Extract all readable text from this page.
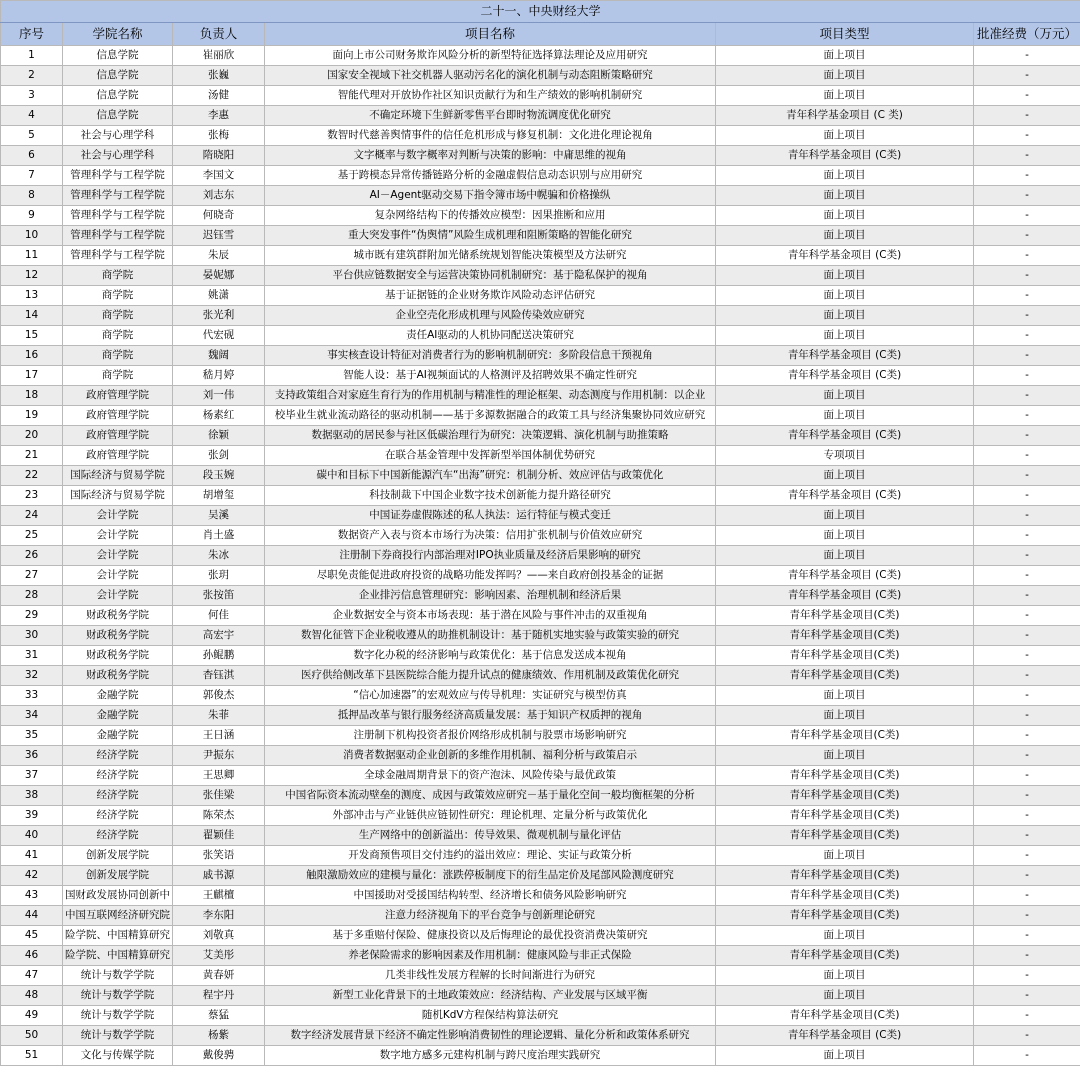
二十一、中央财经大学					
序号	学院名称	负责人	项目名称	项目类型	批准经费（万元）
1	信息学院	崔丽欣	面向上市公司财务欺诈风险分析的新型特征选择算法理论及应用研究	面上项目	-
2	信息学院	张巍	国家安全视域下社交机器人驱动污名化的演化机制与动态阻断策略研究	面上项目	-
3	信息学院	汤健	智能代理对开放协作社区知识贡献行为和生产绩效的影响机制研究	面上项目	-
4	信息学院	李惠	不确定环境下生鲜新零售平台即时物流调度优化研究	青年科学基金项目 (C 类)	-
5	社会与心理学科	张梅	数智时代慈善舆情事件的信任危机形成与修复机制：文化进化理论视角	面上项目	-
6	社会与心理学科	隋晓阳	文字概率与数字概率对判断与决策的影响：中庸思维的视角	青年科学基金项目 (C类)	-
7	管理科学与工程学院	李国文	基于跨模态异常传播链路分析的金融虚假信息动态识别与应用研究	面上项目	-
8	管理科学与工程学院	刘志东	AI－Agent驱动交易下指令簿市场中幌骗和价格操纵	面上项目	-
9	管理科学与工程学院	何晓奇	复杂网络结构下的传播效应模型：因果推断和应用	面上项目	-
10	管理科学与工程学院	迟钰雪	重大突发事件“伪舆情”风险生成机理和阻断策略的智能化研究	面上项目	-
11	管理科学与工程学院	朱辰	城市既有建筑群附加光储系统规划智能决策模型及方法研究	青年科学基金项目 (C类)	-
12	商学院	晏妮娜	平台供应链数据安全与运营决策协同机制研究：基于隐私保护的视角	面上项目	-
13	商学院	姚潇	基于证据链的企业财务欺诈风险动态评估研究	面上项目	-
14	商学院	张光利	企业空壳化形成机理与风险传染效应研究	面上项目	-
15	商学院	代宏砚	责任AI驱动的人机协同配送决策研究	面上项目	-
16	商学院	魏阔	事实核查设计特征对消费者行为的影响机制研究：多阶段信息干预视角	青年科学基金项目 (C类)	-
17	商学院	嵇月婷	智能人设：基于AI视频面试的人格测评及招聘效果不确定性研究	青年科学基金项目 (C类)	-
18	政府管理学院	刘一伟	支持政策组合对家庭生育行为的作用机制与精准性的理论框架、动态测度与作用机制：以企业	面上项目	-
19	政府管理学院	杨素红	校毕业生就业流动路径的驱动机制——基于多源数据融合的政策工具与经济集聚协同效应研究	面上项目	-
20	政府管理学院	徐颖	数据驱动的居民参与社区低碳治理行为研究：决策逻辑、演化机制与助推策略	青年科学基金项目 (C类)	-
21	政府管理学院	张剑	在联合基金管理中发挥新型举国体制优势研究	专项项目	-
22	国际经济与贸易学院	段玉婉	碳中和目标下中国新能源汽车“出海”研究：机制分析、效应评估与政策优化	面上项目	-
23	国际经济与贸易学院	胡增玺	科技制裁下中国企业数字技术创新能力提升路径研究	青年科学基金项目 (C类)	-
24	会计学院	吴溪	中国证券虚假陈述的私人执法：运行特征与模式变迁	面上项目	-
25	会计学院	肖土盛	数据资产入表与资本市场行为决策：信用扩张机制与价值效应研究	面上项目	-
26	会计学院	朱冰	注册制下券商投行内部治理对IPO执业质量及经济后果影响的研究	面上项目	-
27	会计学院	张玥	尽职免责能促进政府投资的战略功能发挥吗？——来自政府创投基金的证据	青年科学基金项目 (C类)	-
28	会计学院	张按笛	企业排污信息管理研究：影响因素、治理机制和经济后果	青年科学基金项目 (C类)	-
29	财政税务学院	何佳	企业数据安全与资本市场表现：基于潜在风险与事件冲击的双重视角	青年科学基金项目(C类)	-
30	财政税务学院	高宏宇	数智化征管下企业税收遵从的助推机制设计：基于随机实地实验与政策实验的研究	青年科学基金项目(C类)	-
31	财政税务学院	孙鲲鹏	数字化办税的经济影响与政策优化：基于信息发送成本视角	青年科学基金项目(C类)	-
32	财政税务学院	杳钰淇	医疗供给侧改革下县医院综合能力提升试点的健康绩效、作用机制及政策优化研究	青年科学基金项目(C类)	-
33	金融学院	郭俊杰	“信心加速器”的宏观效应与传导机理：实证研究与模型仿真	面上项目	-
34	金融学院	朱菲	抵押品改革与银行服务经济高质量发展：基于知识产权质押的视角	面上项目	-
35	金融学院	王日涵	注册制下机构投资者报价网络形成机制与股票市场影响研究	青年科学基金项目(C类)	-
36	经济学院	尹振东	消费者数据驱动企业创新的多维作用机制、福利分析与政策启示	面上项目	-
37	经济学院	王思卿	全球金融周期背景下的资产泡沫、风险传染与最优政策	青年科学基金项目(C类)	-
38	经济学院	张佳梁	中国省际资本流动壁垒的测度、成因与政策效应研究－基于量化空间一般均衡框架的分析	青年科学基金项目(C类)	-
39	经济学院	陈荣杰	外部冲击与产业链供应链韧性研究：理论机理、定量分析与政策优化	青年科学基金项目(C类)	-
40	经济学院	翟颖佳	生产网络中的创新溢出：传导效果、微观机制与量化评估	青年科学基金项目(C类)	-
41	创新发展学院	张笑语	开发商预售项目交付违约的溢出效应：理论、实证与政策分析	面上项目	-
42	创新发展学院	戚书源	触限激励效应的建模与量化：涨跌停板制度下的衍生品定价及尾部风险测度研究	青年科学基金项目(C类)	-
43	国财政发展协同创新中	王麒檀	中国援助对受援国结构转型、经济增长和债务风险影响研究	青年科学基金项目(C类)	-
44	中国互联网经济研究院	李东阳	注意力经济视角下的平台竞争与创新理论研究	青年科学基金项目(C类)	-
45	险学院、中国精算研究	刘敬真	基于多重赔付保险、健康投资以及后悔理论的最优投资消费决策研究	面上项目	-
46	险学院、中国精算研究	艾美彤	养老保险需求的影响因素及作用机制：健康风险与非正式保险	青年科学基金项目(C类)	-
47	统计与数学学院	黄春妍	几类非线性发展方程解的长时间渐进行为研究	面上项目	-
48	统计与数学学院	程宇丹	新型工业化背景下的土地政策效应：经济结构、产业发展与区域平衡	面上项目	-
49	统计与数学学院	蔡猛	随机KdV方程保结构算法研究	青年科学基金项目(C类)	-
50	统计与数学学院	杨紫	数字经济发展背景下经济不确定性影响消费韧性的理论逻辑、量化分析和政策体系研究	青年科学基金项目 (C类)	-
51	文化与传媒学院	戴俊骋	数字地方感多元建构机制与跨尺度治理实践研究	面上项目	-
